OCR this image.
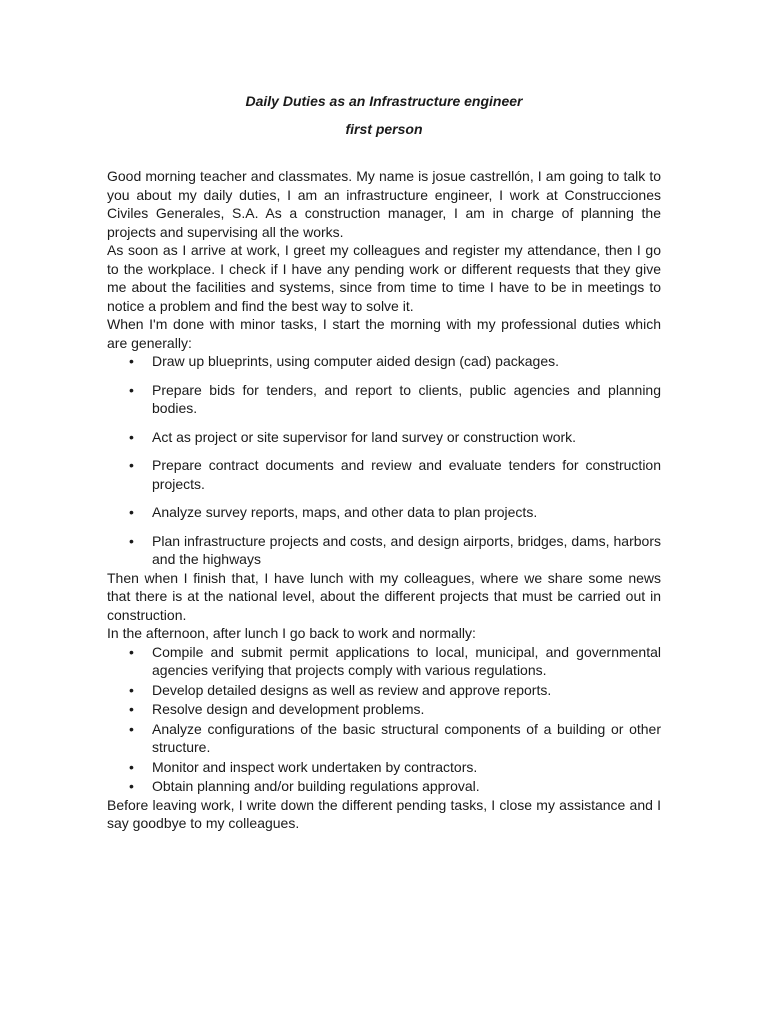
Daily Duties as an Infrastructure engineer
first person

Good morning teacher and classmates. My name is josue castrellón, I am going to talk to you about my daily duties, I am an infrastructure engineer, I work at Construcciones Civiles Generales, S.A. As a construction manager, I am in charge of planning the projects and supervising all the works.

As soon as I arrive at work, I greet my colleagues and register my attendance, then I go to the workplace. I check if I have any pending work or different requests that they give me about the facilities and systems, since from time to time I have to be in meetings to notice a problem and find the best way to solve it.

When I'm done with minor tasks, I start the morning with my professional duties which are generally:

• Draw up blueprints, using computer aided design (cad) packages.
• Prepare bids for tenders, and report to clients, public agencies and planning bodies.
• Act as project or site supervisor for land survey or construction work.
• Prepare contract documents and review and evaluate tenders for construction projects.
• Analyze survey reports, maps, and other data to plan projects.
• Plan infrastructure projects and costs, and design airports, bridges, dams, harbors and the highways

Then when I finish that, I have lunch with my colleagues, where we share some news that there is at the national level, about the different projects that must be carried out in construction.

In the afternoon, after lunch I go back to work and normally:

• Compile and submit permit applications to local, municipal, and governmental agencies verifying that projects comply with various regulations.
• Develop detailed designs as well as review and approve reports.
• Resolve design and development problems.
• Analyze configurations of the basic structural components of a building or other structure.
• Monitor and inspect work undertaken by contractors.
• Obtain planning and/or building regulations approval.

Before leaving work, I write down the different pending tasks, I close my assistance and I say goodbye to my colleagues.
